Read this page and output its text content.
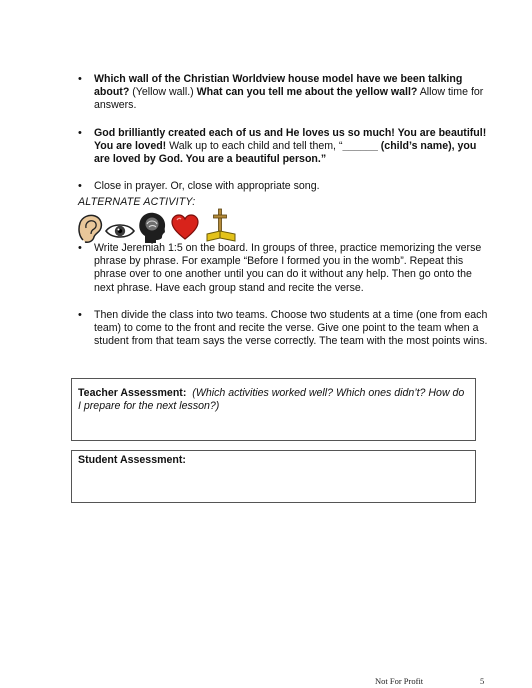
• Which wall of the Christian Worldview house model have we been talking about? (Yellow wall.) What can you tell me about the yellow wall? Allow time for answers.
• God brilliantly created each of us and He loves us so much! You are beautiful! You are loved! Walk up to each child and tell them, “______ (child’s name), you are loved by God. You are a beautiful person.”
• Close in prayer. Or, close with appropriate song.
ALTERNATE ACTIVITY:
• Write Jeremiah 1:5 on the board. In groups of three, practice memorizing the verse phrase by phrase. For example “Before I formed you in the womb”. Repeat this phrase over to one another until you can do it without any help. Then go onto the next phrase. Have each group stand and recite the verse.
• Then divide the class into two teams. Choose two students at a time (one from each team) to come to the front and recite the verse. Give one point to the team when a student from that team says the verse correctly. The team with the most points wins.
Teacher Assessment: (Which activities worked well? Which ones didn’t? How do I prepare for the next lesson?)
Student Assessment:
Not For Profit	5
